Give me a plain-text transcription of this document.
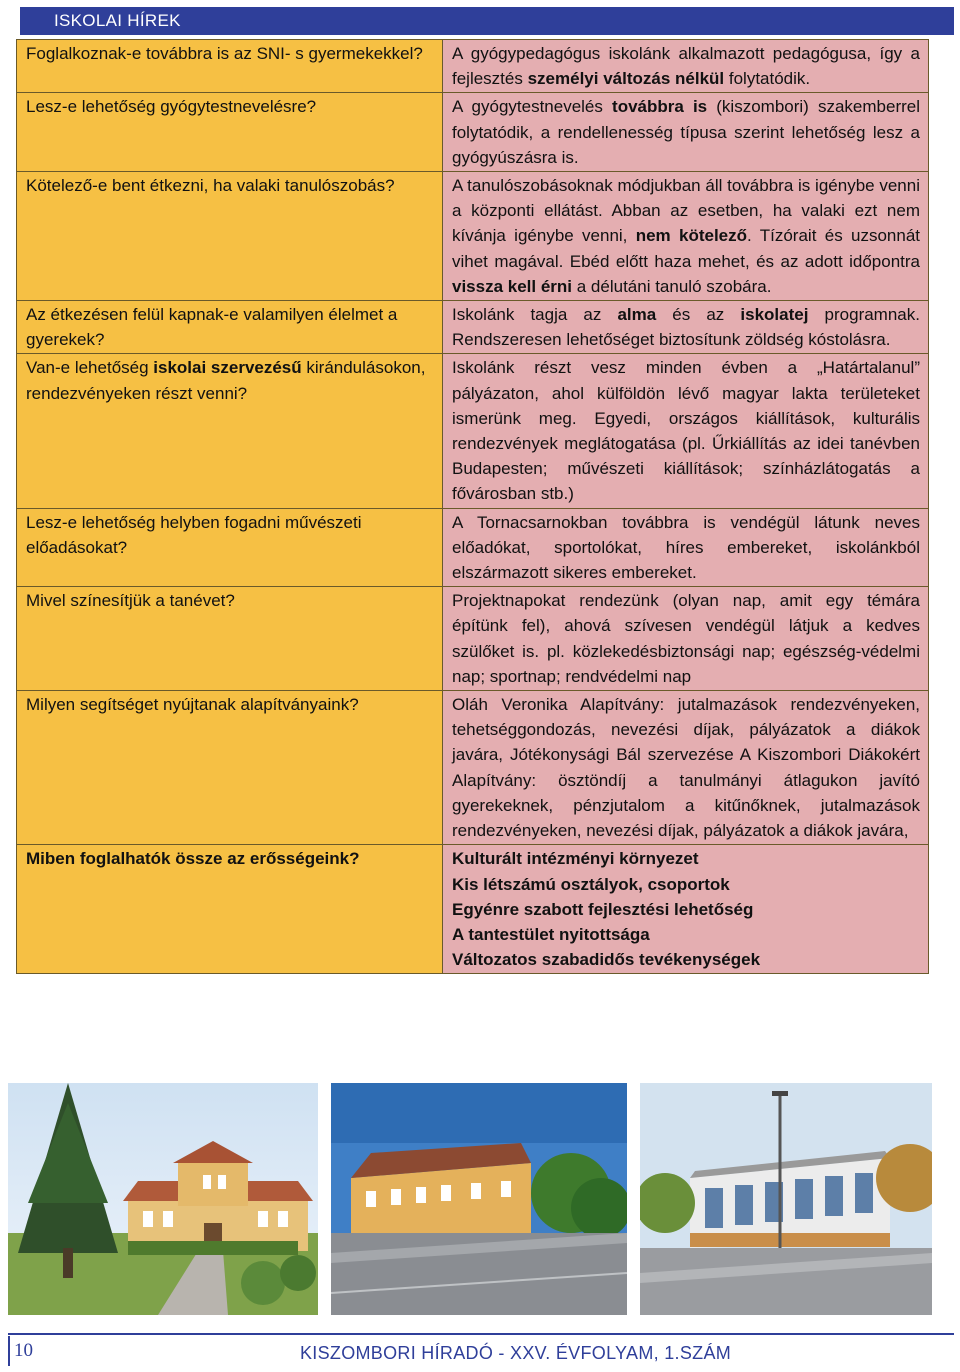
ISKOLAI HÍREK
Foglalkoznak-e továbbra is az SNI- s gyermekekkel?	A gyógypedagógus iskolánk alkalmazott pedagógusa, így a fejlesztés személyi változás nélkül folytatódik.
Lesz-e lehetőség gyógytestnevelésre?	A gyógytestnevelés továbbra is (kiszombori) szakemberrel folytatódik, a rendellenesség típusa szerint lehetőség lesz a gyógyúszásra is.
Kötelező-e bent étkezni, ha valaki tanulószobás?	A tanulószobásoknak módjukban áll továbbra is igénybe venni a központi ellátást. Abban az esetben, ha valaki ezt nem kívánja igénybe venni, nem kötelező. Tízórait és uzsonnát vihet magával. Ebéd előtt haza mehet, és az adott időpontra vissza kell érni a délutáni tanuló szobára.
Az étkezésen felül kapnak-e valamilyen élelmet a gyerekek?	Iskolánk tagja az alma és az iskolatej programnak. Rendszeresen lehetőséget biztosítunk zöldség kóstolásra.
Van-e lehetőség iskolai szervezésű kirándulásokon, rendezvényeken részt venni?	Iskolánk részt vesz minden évben a „Határtalanul” pályázaton, ahol külföldön lévő magyar lakta területeket ismerünk meg. Egyedi, országos kiállítások, kulturális rendezvények meglátogatása (pl. Űrkiállítás az idei tanévben Budapesten; művészeti kiállítások; színházlátogatás a fővárosban stb.)
Lesz-e lehetőség helyben fogadni művészeti előadásokat?	A Tornacsarnokban továbbra is vendégül látunk neves előadókat, sportolókat, híres embereket, iskolánkból elszármazott sikeres embereket.
Mivel színesítjük a tanévet?	Projektnapokat rendezünk (olyan nap, amit egy témára építünk fel), ahová szívesen vendégül látjuk a kedves szülőket is. pl. közlekedésbiztonsági nap; egészség-védelmi nap; sportnap; rendvédelmi nap
Milyen segítséget nyújtanak alapítványaink?	Oláh Veronika Alapítvány: jutalmazások rendezvényeken, tehetséggondozás, nevezési díjak, pályázatok a diákok javára, Jótékonysági Bál szervezése A Kiszombori Diákokért Alapítvány: ösztöndíj a tanulmányi átlagukon javító gyerekeknek, pénzjutalom a kitűnőknek, jutalmazások rendezvényeken, nevezési díjak, pályázatok a diákok javára,
Miben foglalhatók össze az erősségeink?	Kulturált intézményi környezet
Kis létszámú osztályok, csoportok
Egyénre szabott fejlesztési lehetőség
A tantestület nyitottsága
Változatos szabadidős tevékenységek
10	KISZOMBORI HÍRADÓ - XXV. ÉVFOLYAM, 1.SZÁM
